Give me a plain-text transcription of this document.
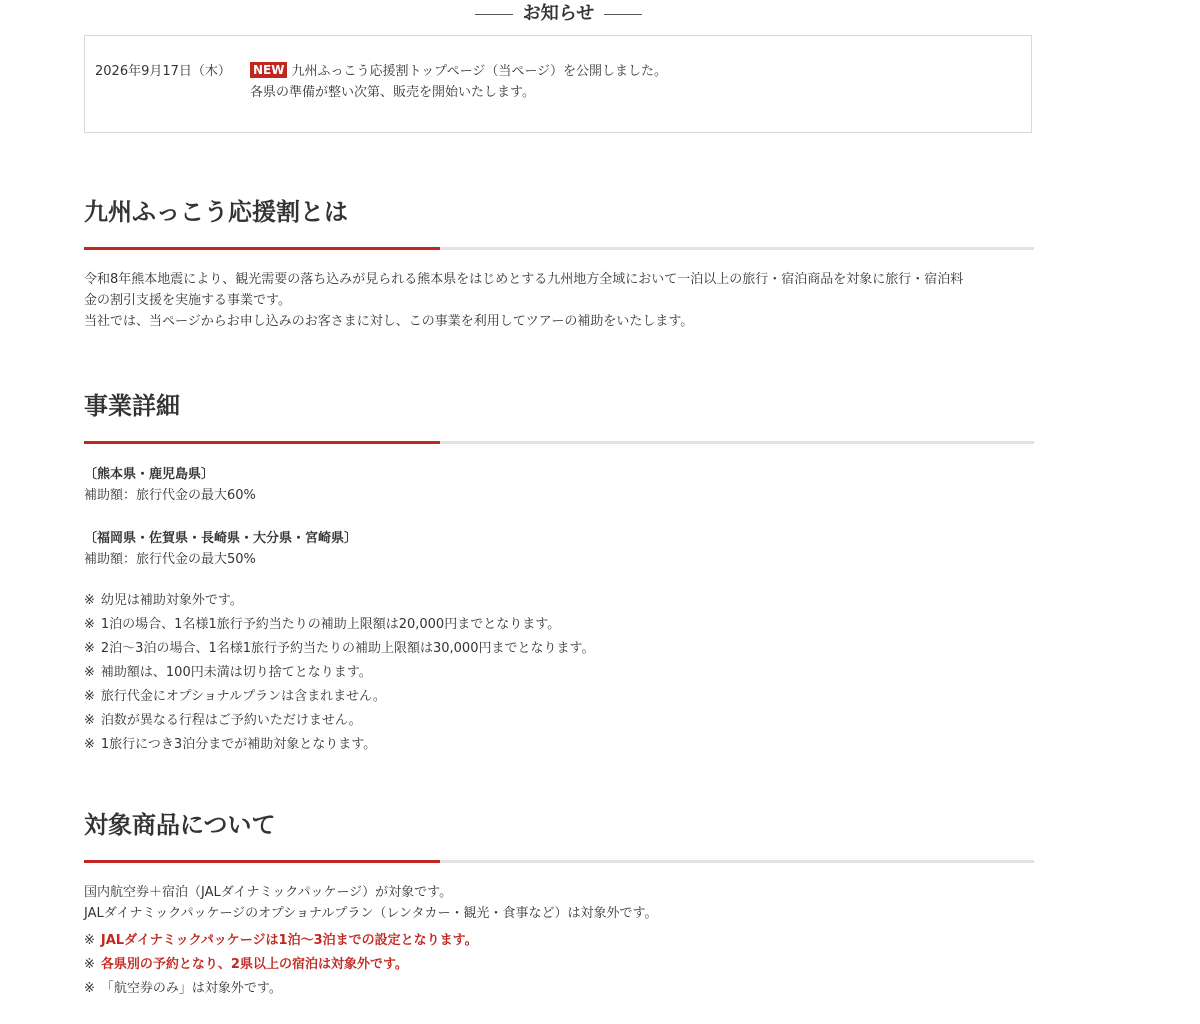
お知らせ
2026年9月17日（木） NEW 九州ふっこう応援割トップページ（当ページ）を公開しました。
各県の準備が整い次第、販売を開始いたします。
九州ふっこう応援割とは

令和8年熊本地震により、観光需要の落ち込みが見られる熊本県をはじめとする九州地方全域において一泊以上の旅行・宿泊商品を対象に旅行・宿泊料
金の割引支援を実施する事業です。
当社では、当ページからお申し込みのお客さまに対し、この事業を利用してツアーの補助をいたします。

事業詳細
〔熊本県・鹿児島県〕
補助額：旅行代金の最大60%
〔福岡県・佐賀県・長崎県・大分県・宮崎県〕
補助額：旅行代金の最大50%
※ 幼児は補助対象外です。
※ 1泊の場合、1名様1旅行予約当たりの補助上限額は20,000円までとなります。
※ 2泊〜3泊の場合、1名様1旅行予約当たりの補助上限額は30,000円までとなります。
※ 補助額は、100円未満は切り捨てとなります。
※ 旅行代金にオプショナルプランは含まれません。
※ 泊数が異なる行程はご予約いただけません。
※ 1旅行につき3泊分までが補助対象となります。
対象商品について

国内航空券＋宿泊（JALダイナミックパッケージ）が対象です。
JALダイナミックパッケージのオプショナルプラン（レンタカー・観光・食事など）は対象外です。

※ JALダイナミックパッケージは1泊〜3泊までの設定となります。
※ 各県別の予約となり、2県以上の宿泊は対象外です。
※ 「航空券のみ」は対象外です。
